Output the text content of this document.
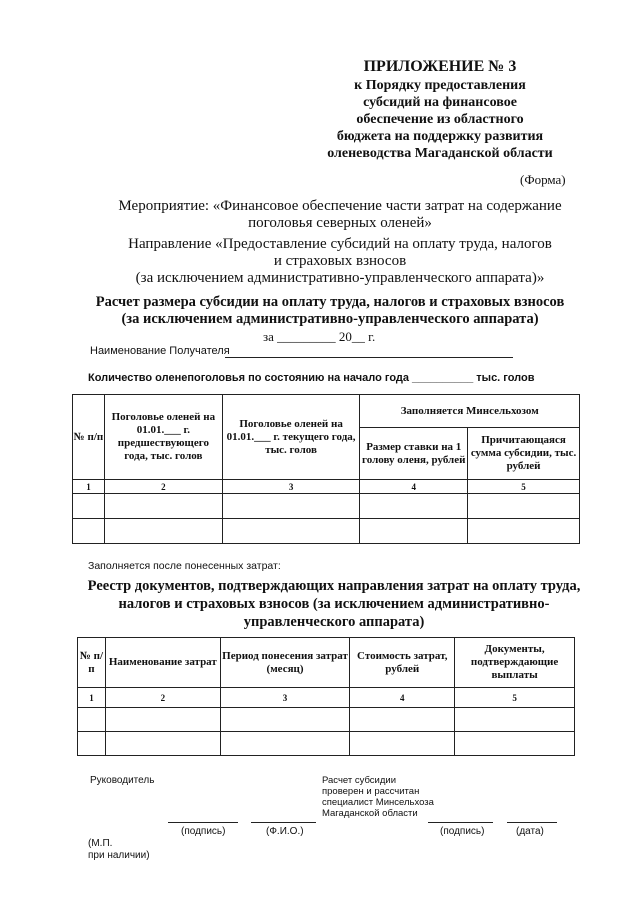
ПРИЛОЖЕНИЕ № 3
к Порядку предоставления
субсидий на финансовое
обеспечение из областного
бюджета на поддержку развития
оленеводства Магаданской области
(Форма)
Мероприятие: «Финансовое обеспечение части затрат на содержание
поголовья северных оленей»
Направление «Предоставление субсидий на оплату труда, налогов
и страховых взносов
(за исключением административно-управленческого аппарата)»
Расчет размера субсидии на оплату труда, налогов и страховых взносов
(за исключением административно-управленческого аппарата)
за _________ 20__ г.
Наименование Получателя
Количество оленепоголовья по состоянию на начало года __________ тыс. голов
№ п/п	Поголовье оленей на 01.01.___ г. предшествующего года, тыс. голов	Поголовье оленей на 01.01.___ г. текущего года, тыс. голов	Заполняется Минсельхозом	
			Размер ставки на 1 голову оленя, рублей	Причитающаяся сумма субсидии, тыс. рублей
1	2	3	4	5

Заполняется после понесенных затрат:
Реестр документов, подтверждающих направления затрат на оплату труда,
налогов и страховых взносов (за исключением административно-
управленческого аппарата)
№ п/п	Наименование затрат	Период понесения затрат (месяц)	Стоимость затрат, рублей	Документы, подтверждающие выплаты
1	2	3	4	5

Руководитель	Расчет субсидии
проверен и рассчитан
специалист Минсельхоза
Магаданской области
(подпись)	(Ф.И.О.)	(подпись)	(дата)
(М.П.
при наличии)
